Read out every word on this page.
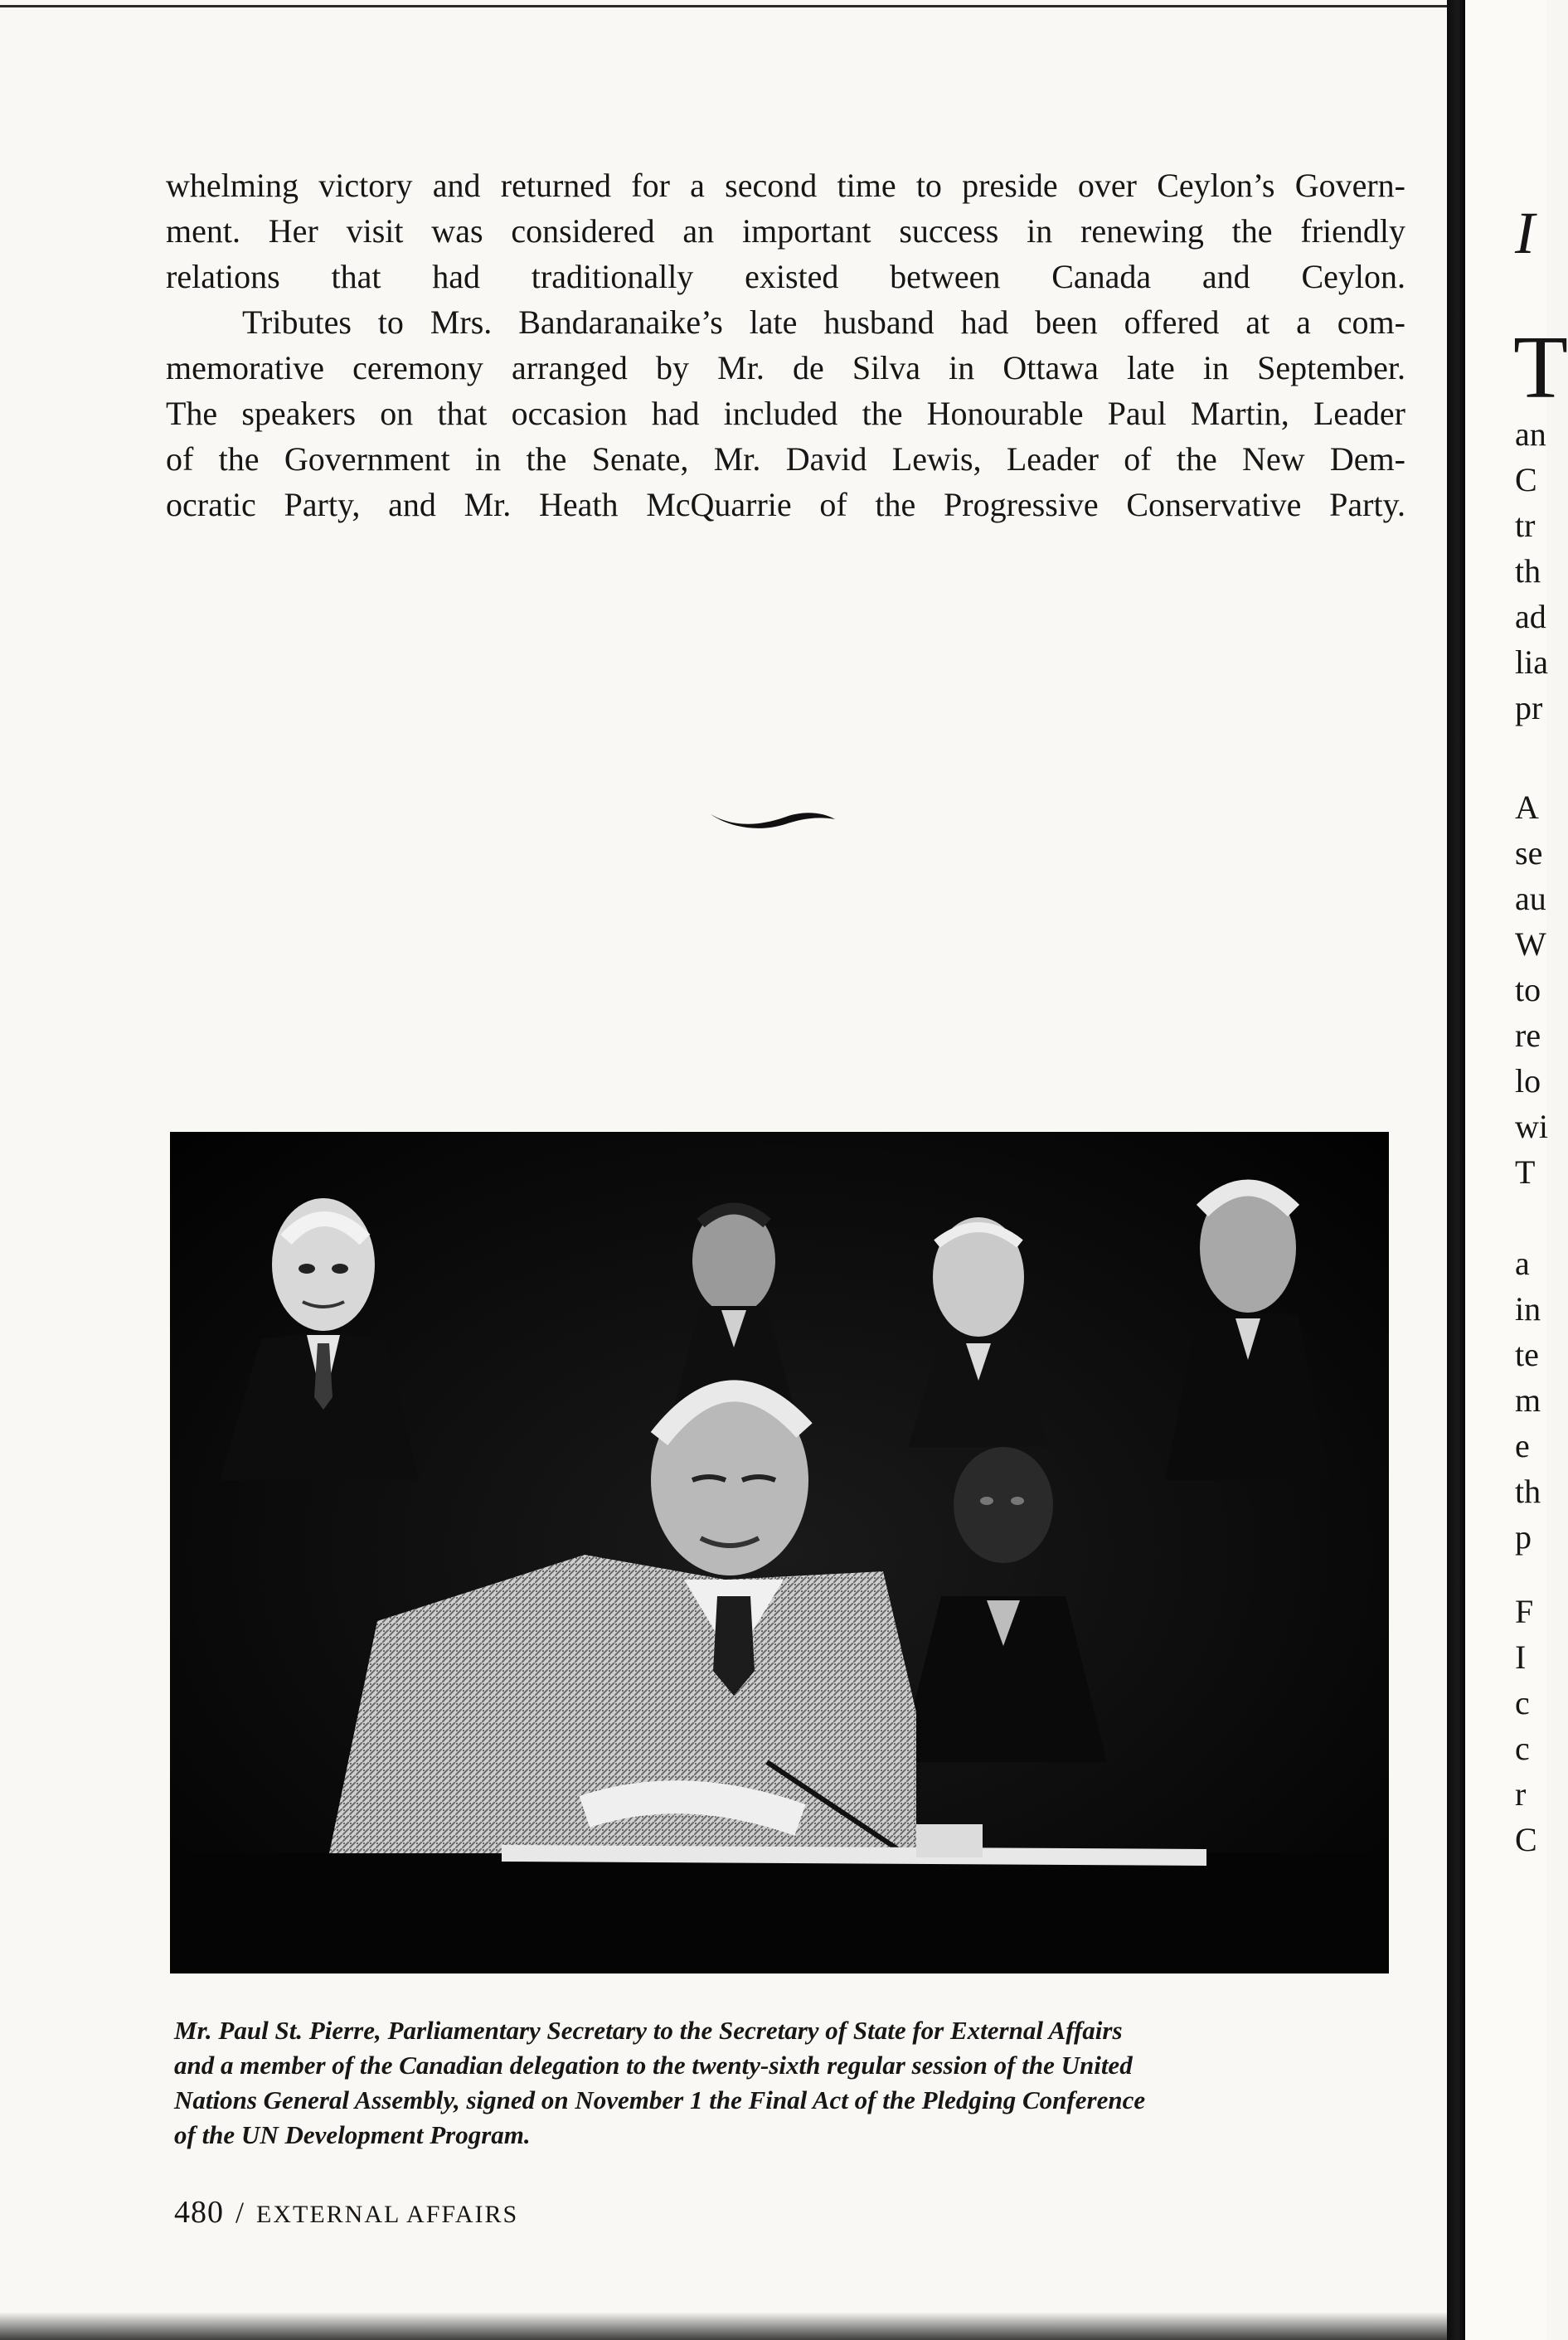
whelming victory and returned for a second time to preside over Ceylon’s Govern-
ment. Her visit was considered an important success in renewing the friendly
relations that had traditionally existed between Canada and Ceylon.

Tributes to Mrs. Bandaranaike’s late husband had been offered at a com-
memorative ceremony arranged by Mr. de Silva in Ottawa late in September.
The speakers on that occasion had included the Honourable Paul Martin, Leader
of the Government in the Senate, Mr. David Lewis, Leader of the New Dem-
ocratic Party, and Mr. Heath McQuarrie of the Progressive Conservative Party.

Mr. Paul St. Pierre, Parliamentary Secretary to the Secretary of State for External Affairs

and a member of the Canadian delegation to the twenty-sixth regular session of the United

Nations General Assembly, signed on November 1 the Final Act of the Pledging Conference

of the UN Development Program.

480 / EXTERNAL AFFAIRS
I
T
an
C
tr
th
ad
lia
pr
A
se
au
W
to
re
lo
wi
T
a
in
te
m
e
th
p
F
I
c
c
r
C
